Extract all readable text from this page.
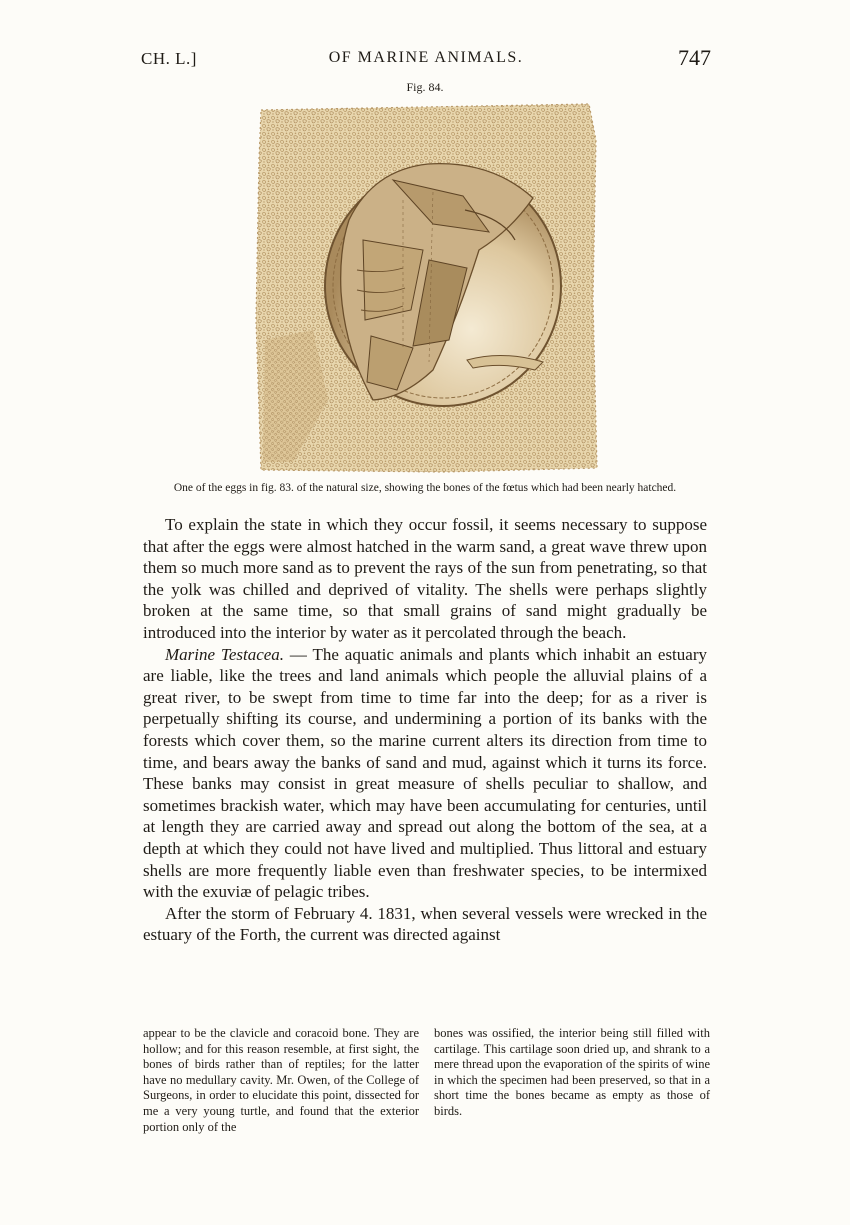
CH. L.]	OF MARINE ANIMALS.	747
Fig. 84.
One of the eggs in fig. 83. of the natural size, showing the bones of the fœtus which had been nearly hatched.

To explain the state in which they occur fossil, it seems necessary to suppose that after the eggs were almost hatched in the warm sand, a great wave threw upon them so much more sand as to prevent the rays of the sun from penetrating, so that the yolk was chilled and deprived of vitality. The shells were perhaps slightly broken at the same time, so that small grains of sand might gradually be introduced into the interior by water as it percolated through the beach.

Marine Testacea. — The aquatic animals and plants which inhabit an estuary are liable, like the trees and land animals which people the alluvial plains of a great river, to be swept from time to time far into the deep; for as a river is perpetually shifting its course, and undermining a portion of its banks with the forests which cover them, so the marine current alters its direction from time to time, and bears away the banks of sand and mud, against which it turns its force. These banks may consist in great measure of shells peculiar to shallow, and sometimes brackish water, which may have been accumulating for centuries, until at length they are carried away and spread out along the bottom of the sea, at a depth at which they could not have lived and multiplied. Thus littoral and estuary shells are more frequently liable even than freshwater species, to be intermixed with the exuviæ of pelagic tribes.

After the storm of February 4. 1831, when several vessels were wrecked in the estuary of the Forth, the current was directed against

appear to be the clavicle and coracoid bone. They are hollow; and for this reason resemble, at first sight, the bones of birds rather than of reptiles; for the latter have no medullary cavity. Mr. Owen, of the College of Surgeons, in order to elucidate this point, dissected for me a very young turtle, and found that the exterior portion only of the
bones was ossified, the interior being still filled with cartilage. This cartilage soon dried up, and shrank to a mere thread upon the evaporation of the spirits of wine in which the specimen had been preserved, so that in a short time the bones became as empty as those of birds.
